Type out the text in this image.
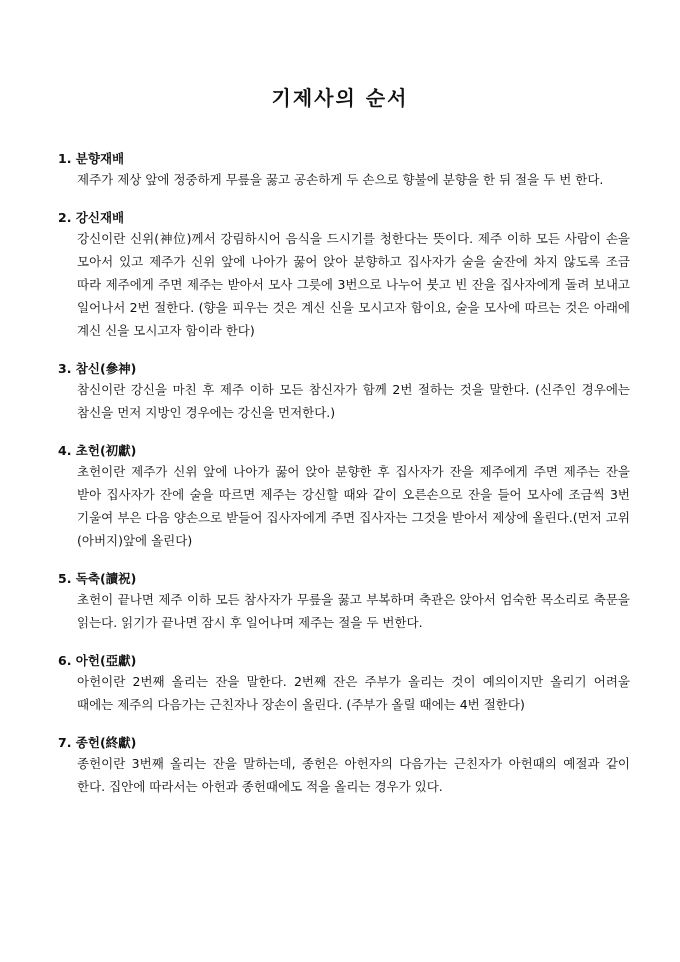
기제사의 순서
1. 분향재배
제주가 제상 앞에 정중하게 무릎을 꿇고 공손하게 두 손으로 향불에 분향을 한 뒤 절을 두 번 한다.
2. 강신재배
강신이란 신위(神位)께서 강림하시어 음식을 드시기를 청한다는 뜻이다. 제주 이하 모든 사람이 손을 모아서 있고 제주가 신위 앞에 나아가 꿇어 앉아 분향하고 집사자가 술을 술잔에 차지 않도록 조금 따라 제주에게 주면 제주는 받아서 모사 그릇에 3번으로 나누어 붓고 빈 잔을 집사자에게 돌려 보내고 일어나서 2번 절한다. (향을 피우는 것은 계신 신을 모시고자 함이요, 술을 모사에 따르는 것은 아래에 계신 신을 모시고자 함이라 한다)
3. 참신(參神)
참신이란 강신을 마친 후 제주 이하 모든 참신자가 함께 2번 절하는 것을 말한다. (신주인 경우에는 참신을 먼저 지방인 경우에는 강신을 먼저한다.)
4. 초헌(初獻)
초헌이란 제주가 신위 앞에 나아가 꿇어 앉아 분향한 후 집사자가 잔을 제주에게 주면 제주는 잔을 받아 집사자가 잔에 술을 따르면 제주는 강신할 때와 같이 오른손으로 잔을 들어 모사에 조금씩 3번 기울여 부은 다음 양손으로 받들어 집사자에게 주면 집사자는 그것을 받아서 제상에 올린다.(먼저 고위(아버지)앞에 올린다)
5. 독축(讀祝)
초헌이 끝나면 제주 이하 모든 참사자가 무릎을 꿇고 부복하며 축관은 앉아서 엄숙한 목소리로 축문을 읽는다. 읽기가 끝나면 잠시 후 일어나며 제주는 절을 두 번한다.
6. 아헌(亞獻)
아헌이란 2번째 올리는 잔을 말한다. 2번째 잔은 주부가 올리는 것이 예의이지만 올리기 어려울 때에는 제주의 다음가는 근친자나 장손이 올린다. (주부가 올릴 때에는 4번 절한다)
7. 종헌(終獻)
종헌이란 3번째 올리는 잔을 말하는데, 종헌은 아헌자의 다음가는 근친자가 아헌때의 예절과 같이 한다. 집안에 따라서는 아헌과 종헌때에도 적을 올리는 경우가 있다.
